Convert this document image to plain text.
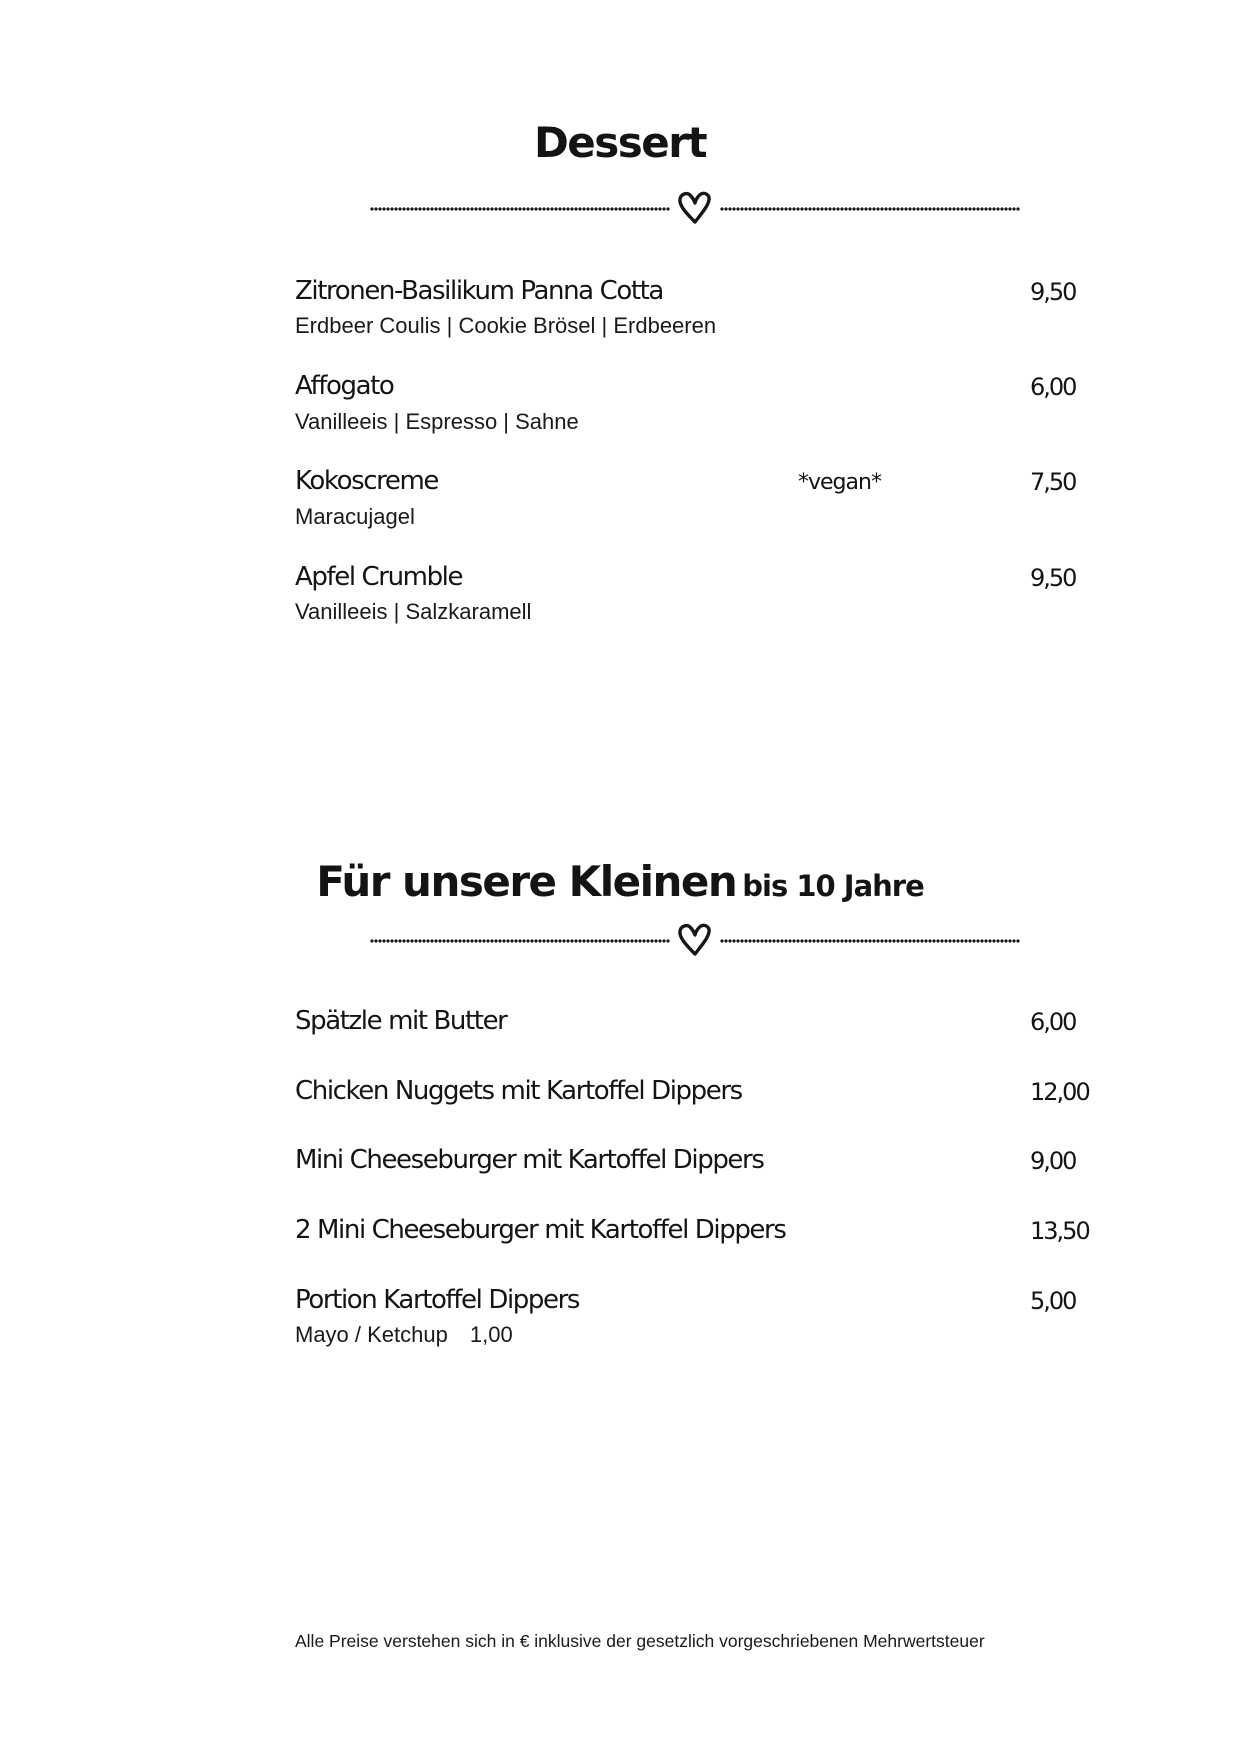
Dessert
Zitronen-Basilikum Panna Cotta	9,50
Erdbeer Coulis | Cookie Brösel | Erdbeeren
Affogato	6,00
Vanilleeis | Espresso | Sahne
Kokoscreme	*vegan*	7,50
Maracujagel
Apfel Crumble	9,50
Vanilleeis | Salzkaramell
Für unsere Kleinen bis 10 Jahre
Spätzle mit Butter	6,00
Chicken Nuggets mit Kartoffel Dippers	12,00
Mini Cheeseburger mit Kartoffel Dippers	9,00
2 Mini Cheeseburger mit Kartoffel Dippers	13,50
Portion Kartoffel Dippers	5,00
Mayo / Ketchup 1,00
Alle Preise verstehen sich in € inklusive der gesetzlich vorgeschriebenen Mehrwertsteuer
